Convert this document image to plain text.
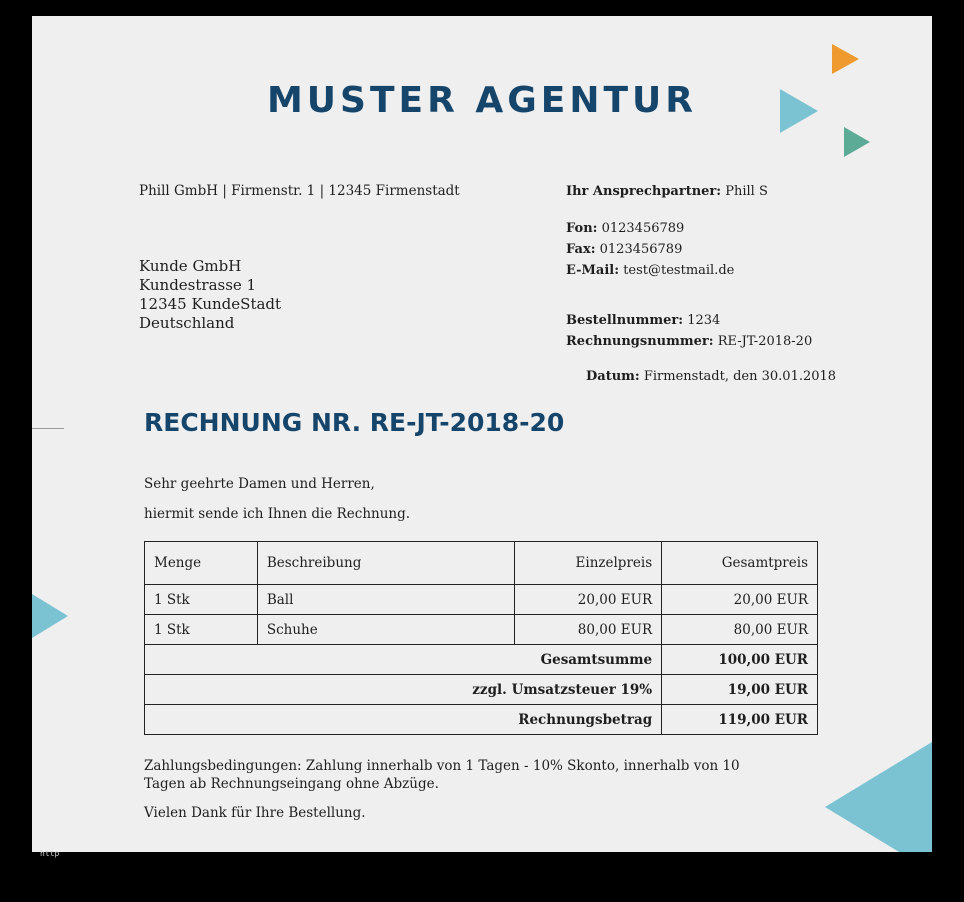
MUSTER AGENTUR
Phill GmbH | Firmenstr. 1 | 12345 Firmenstadt
Kunde GmbH
Kundestrasse 1
12345 KundeStadt
Deutschland
Ihr Ansprechpartner: Phill S
Fon: 0123456789
Fax: 0123456789
E-Mail: test@testmail.de
Bestellnummer: 1234
Rechnungsnummer: RE-JT-2018-20
Datum: Firmenstadt, den 30.01.2018
RECHNUNG NR. RE-JT-2018-20
Sehr geehrte Damen und Herren,
hiermit sende ich Ihnen die Rechnung.
Menge	Beschreibung	Einzelpreis	Gesamtpreis
1 Stk	Ball	20,00 EUR	20,00 EUR
1 Stk	Schuhe	80,00 EUR	80,00 EUR
Gesamtsumme			100,00 EUR
zzgl. Umsatzsteuer 19%			19,00 EUR
Rechnungsbetrag			119,00 EUR
Zahlungsbedingungen: Zahlung innerhalb von 1 Tagen - 10% Skonto, innerhalb von 10 Tagen ab Rechnungseingang ohne Abzüge.
Vielen Dank für Ihre Bestellung.
http
